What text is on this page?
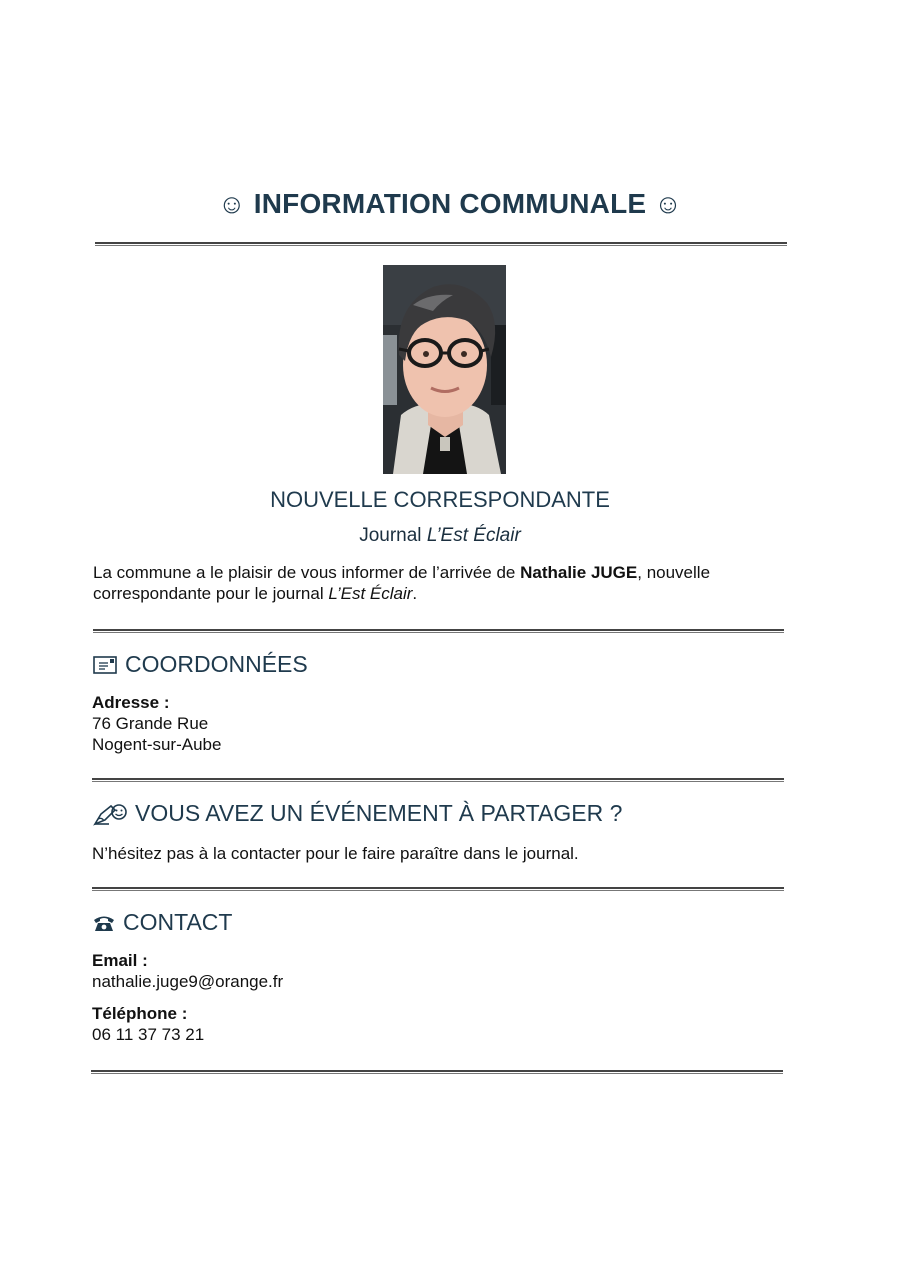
☺ INFORMATION COMMUNALE ☺
NOUVELLE CORRESPONDANTE
Journal L’Est Éclair
La commune a le plaisir de vous informer de l’arrivée de Nathalie JUGE, nouvelle correspondante pour le journal L’Est Éclair.
COORDONNÉES
Adresse :
76 Grande Rue
Nogent-sur-Aube
VOUS AVEZ UN ÉVÉNEMENT À PARTAGER ?
N’hésitez pas à la contacter pour le faire paraître dans le journal.
CONTACT
Email :
nathalie.juge9@orange.fr
Téléphone :
06 11 37 73 21
